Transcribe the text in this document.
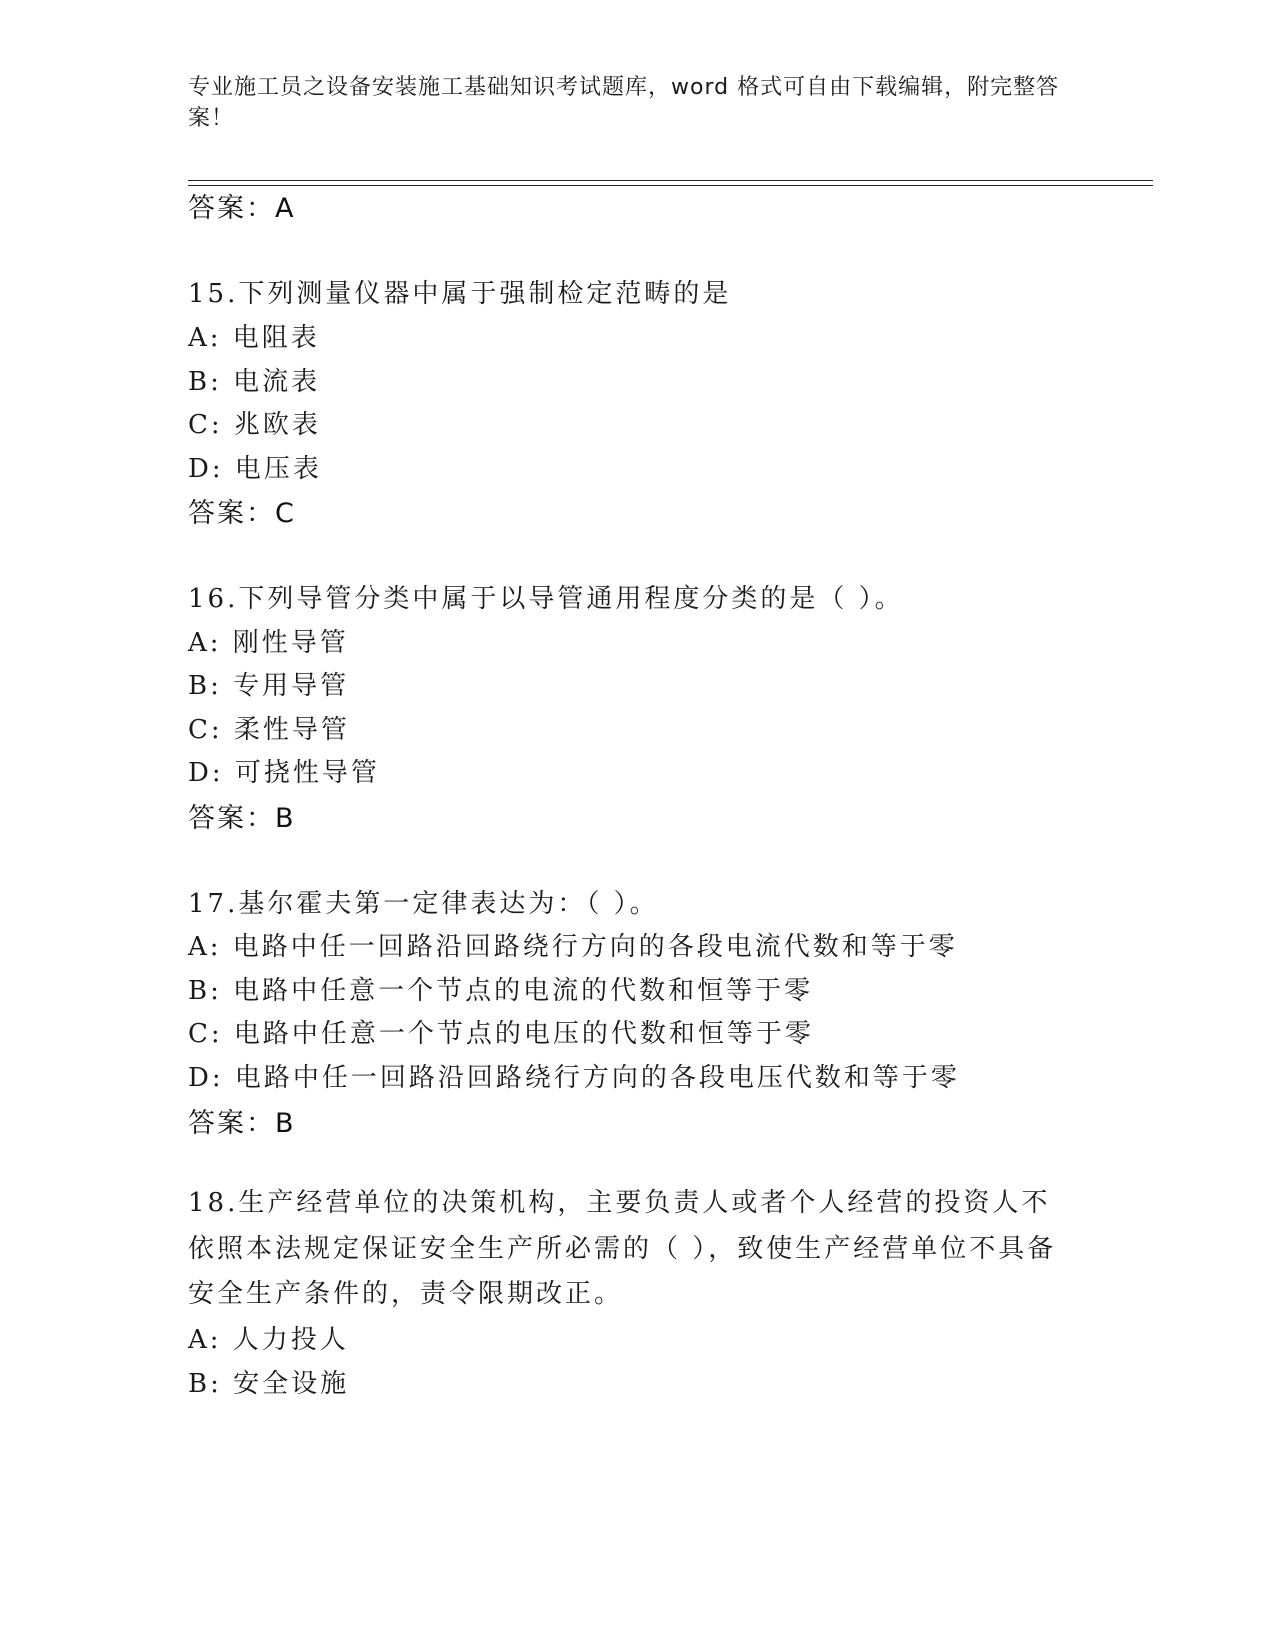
专业施工员之设备安装施工基础知识考试题库，word 格式可自由下载编辑，附完整答案！
答案：A
15.下列测量仪器中属于强制检定范畴的是
A: 电阻表
B: 电流表
C: 兆欧表
D: 电压表
答案：C
16.下列导管分类中属于以导管通用程度分类的是（ ）。
A: 刚性导管
B: 专用导管
C: 柔性导管
D: 可挠性导管
答案：B
17.基尔霍夫第一定律表达为：（ ）。
A: 电路中任一回路沿回路绕行方向的各段电流代数和等于零
B: 电路中任意一个节点的电流的代数和恒等于零
C: 电路中任意一个节点的电压的代数和恒等于零
D: 电路中任一回路沿回路绕行方向的各段电压代数和等于零
答案：B
18.生产经营单位的决策机构，主要负责人或者个人经营的投资人不依照本法规定保证安全生产所必需的（ ），致使生产经营单位不具备安全生产条件的，责令限期改正。
A: 人力投人
B: 安全设施
